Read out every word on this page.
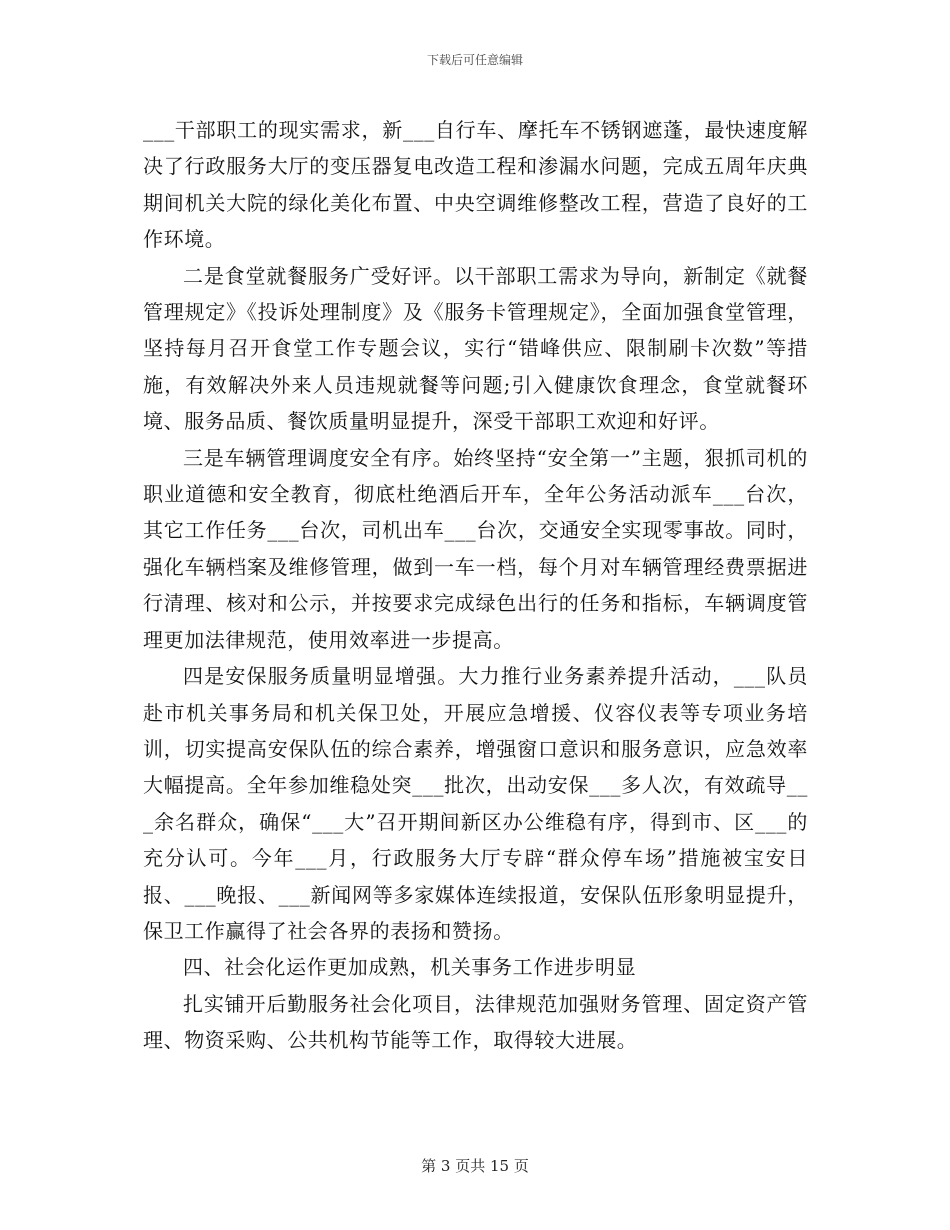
下载后可任意编辑

___干部职工的现实需求，新___自行车、摩托车不锈钢遮蓬，最快速度解决了行政服务大厅的变压器复电改造工程和渗漏水问题，完成五周年庆典期间机关大院的绿化美化布置、中央空调维修整改工程，营造了良好的工作环境。

二是食堂就餐服务广受好评。以干部职工需求为导向，新制定《就餐管理规定》《投诉处理制度》及《服务卡管理规定》，全面加强食堂管理，坚持每月召开食堂工作专题会议，实行“错峰供应、限制刷卡次数”等措施，有效解决外来人员违规就餐等问题;引入健康饮食理念，食堂就餐环境、服务品质、餐饮质量明显提升，深受干部职工欢迎和好评。

三是车辆管理调度安全有序。始终坚持“安全第一”主题，狠抓司机的职业道德和安全教育，彻底杜绝酒后开车，全年公务活动派车___台次，其它工作任务___台次，司机出车___台次，交通安全实现零事故。同时，强化车辆档案及维修管理，做到一车一档，每个月对车辆管理经费票据进行清理、核对和公示，并按要求完成绿色出行的任务和指标，车辆调度管理更加法律规范，使用效率进一步提高。

四是安保服务质量明显增强。大力推行业务素养提升活动，___队员赴市机关事务局和机关保卫处，开展应急增援、仪容仪表等专项业务培训，切实提高安保队伍的综合素养，增强窗口意识和服务意识，应急效率大幅提高。全年参加维稳处突___批次，出动安保___多人次，有效疏导___余名群众，确保“___大”召开期间新区办公维稳有序，得到市、区___的充分认可。今年___月，行政服务大厅专辟“群众停车场”措施被宝安日报、___晚报、___新闻网等多家媒体连续报道，安保队伍形象明显提升，保卫工作赢得了社会各界的表扬和赞扬。

四、社会化运作更加成熟，机关事务工作进步明显

扎实铺开后勤服务社会化项目，法律规范加强财务管理、固定资产管理、物资采购、公共机构节能等工作，取得较大进展。

第 3 页共 15 页
